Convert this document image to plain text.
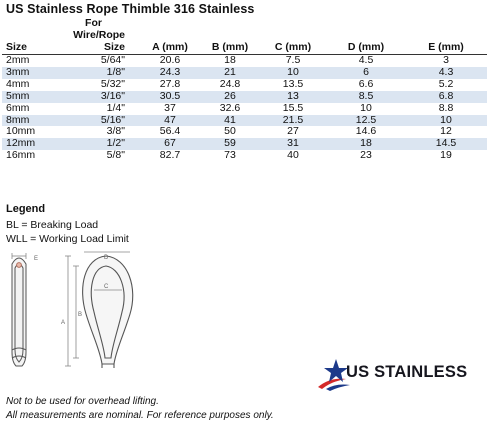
US Stainless Rope Thimble 316 Stainless
Size	For
Wire/Rope
Size	A (mm)	B (mm)	C (mm)	D (mm)	E (mm)
2mm	5/64"	20.6	18	7.5	4.5	3
3mm	1/8"	24.3	21	10	6	4.3
4mm	5/32"	27.8	24.8	13.5	6.6	5.2
5mm	3/16"	30.5	26	13	8.5	6.8
6mm	1/4"	37	32.6	15.5	10	8.8
8mm	5/16"	47	41	21.5	12.5	10
10mm	3/8"	56.4	50	27	14.6	12
12mm	1/2"	67	59	31	18	14.5
16mm	5/8"	82.7	73	40	23	19
Legend
BL = Breaking Load
WLL = Working Load Limit
E
A
B
C
D
US STAINLESS
Not to be used for overhead lifting.
All measurements are nominal. For reference purposes only.
